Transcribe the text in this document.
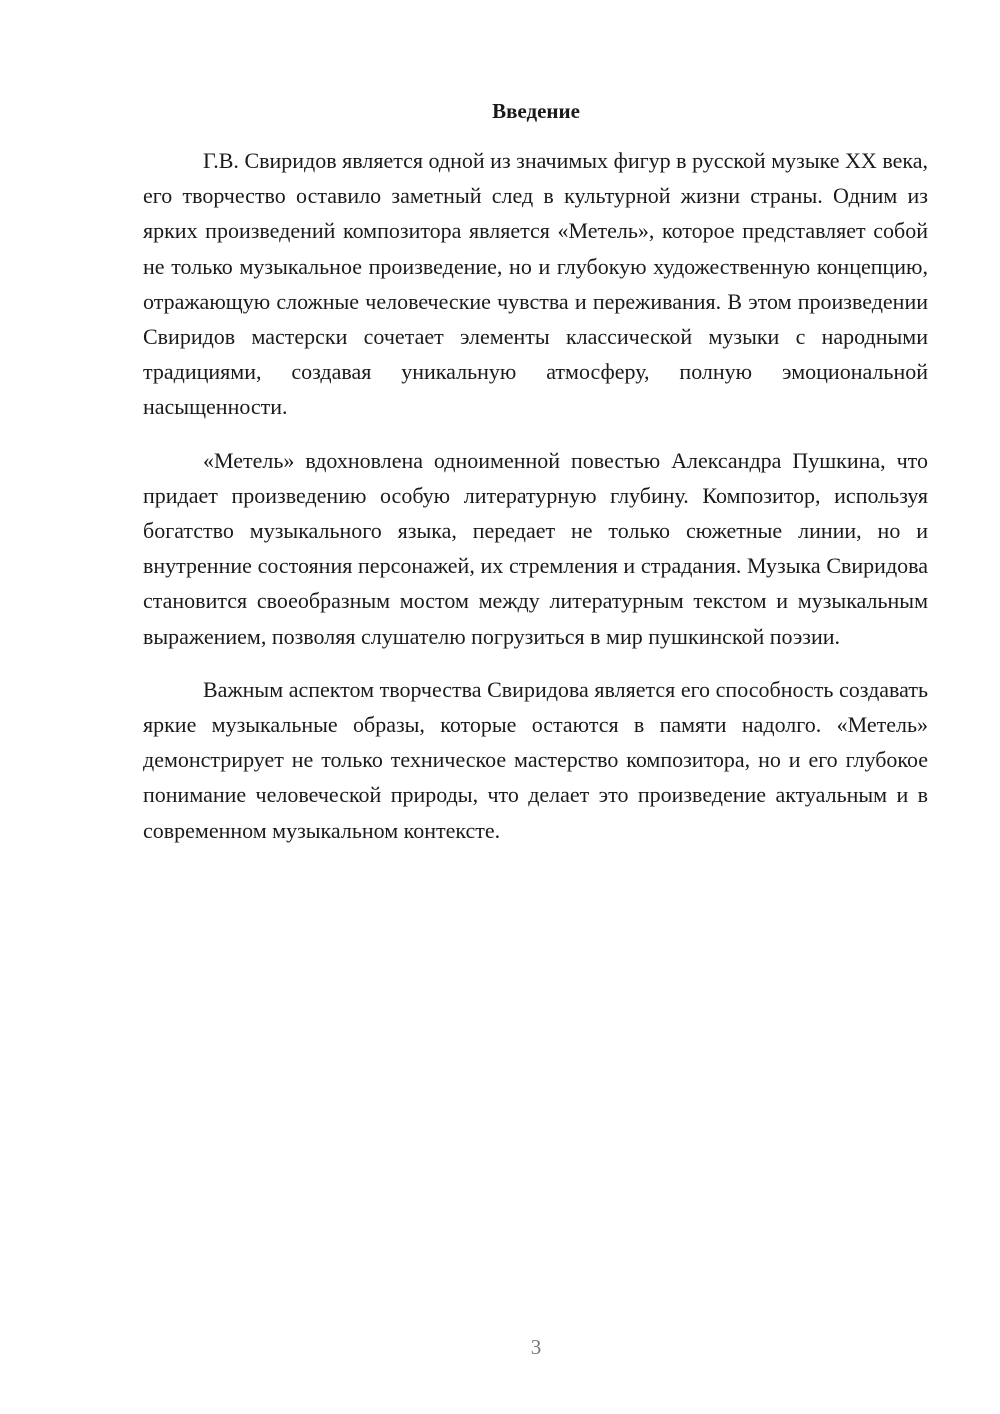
Введение

Г.В. Свиридов является одной из значимых фигур в русской музыке XX века, его творчество оставило заметный след в культурной жизни страны. Одним из ярких произведений композитора является «Метель», которое представляет собой не только музыкальное произведение, но и глубокую художественную концепцию, отражающую сложные человеческие чувства и переживания. В этом произведении Свиридов мастерски сочетает элементы классической музыки с народными традициями, создавая уникальную атмосферу, полную эмоциональной насыщенности.

«Метель» вдохновлена одноименной повестью Александра Пушкина, что придает произведению особую литературную глубину. Композитор, используя богатство музыкального языка, передает не только сюжетные линии, но и внутренние состояния персонажей, их стремления и страдания. Музыка Свиридова становится своеобразным мостом между литературным текстом и музыкальным выражением, позволяя слушателю погрузиться в мир пушкинской поэзии.

Важным аспектом творчества Свиридова является его способность создавать яркие музыкальные образы, которые остаются в памяти надолго. «Метель» демонстрирует не только техническое мастерство композитора, но и его глубокое понимание человеческой природы, что делает это произведение актуальным и в современном музыкальном контексте.

3
